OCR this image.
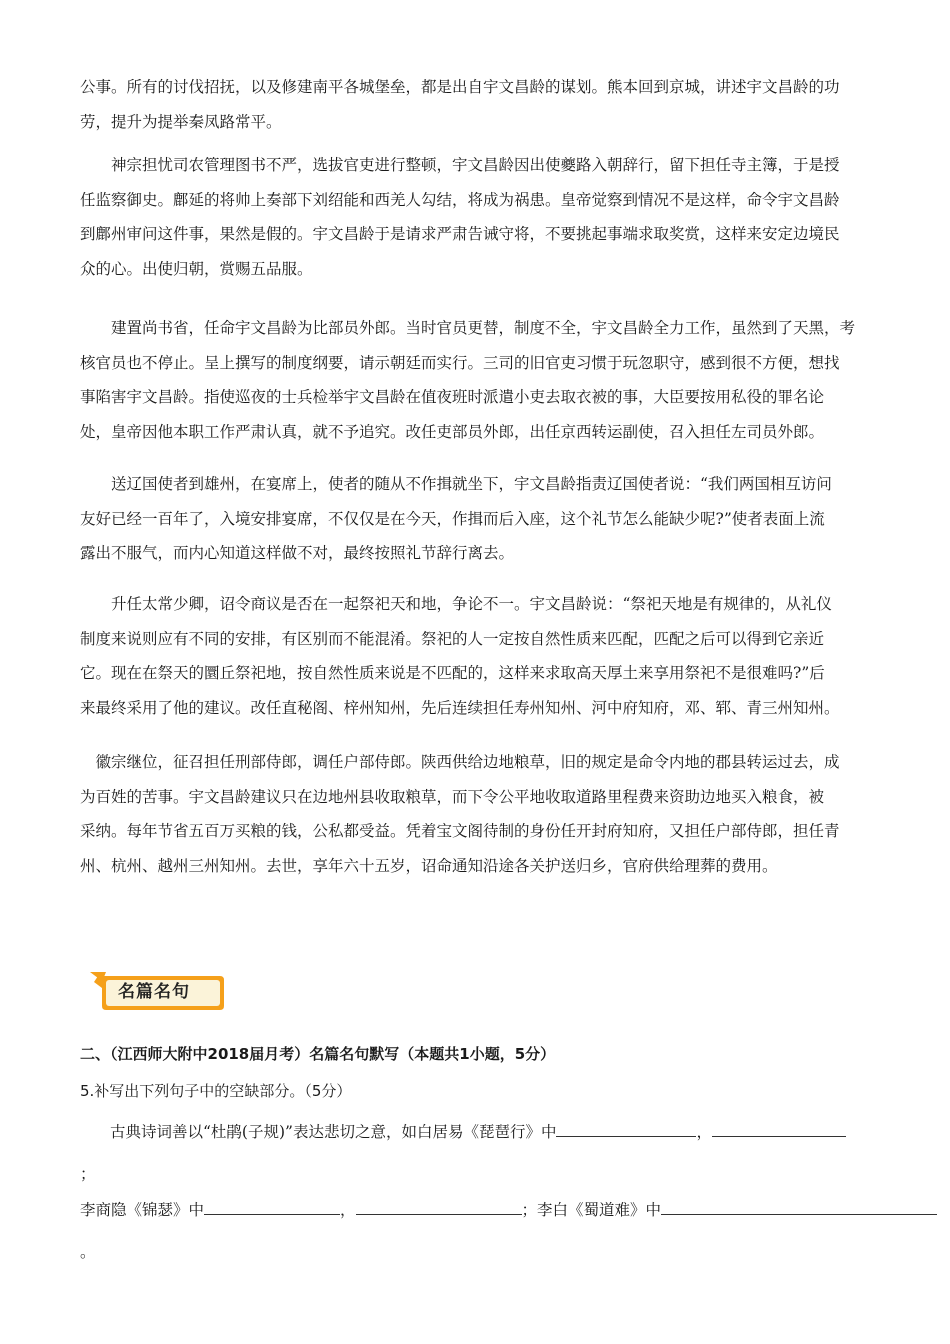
公事。所有的讨伐招抚，以及修建南平各城堡垒，都是出自宇文昌龄的谋划。熊本回到京城，讲述宇文昌龄的功
劳，提升为提举秦凤路常平。
　　神宗担忧司农管理图书不严，选拔官吏进行整顿，宇文昌龄因出使夔路入朝辞行，留下担任寺主簿，于是授
任监察御史。鄜延的将帅上奏部下刘绍能和西羌人勾结，将成为祸患。皇帝觉察到情况不是这样，命令宇文昌龄
到鄜州审问这件事，果然是假的。宇文昌龄于是请求严肃告诫守将，不要挑起事端求取奖赏，这样来安定边境民
众的心。出使归朝，赏赐五品服。
　　建置尚书省，任命宇文昌龄为比部员外郎。当时官员更替，制度不全，宇文昌龄全力工作，虽然到了天黑，考
核官员也不停止。呈上撰写的制度纲要，请示朝廷而实行。三司的旧官吏习惯于玩忽职守，感到很不方便，想找
事陷害宇文昌龄。指使巡夜的士兵检举宇文昌龄在值夜班时派遣小吏去取衣被的事，大臣要按用私役的罪名论
处，皇帝因他本职工作严肃认真，就不予追究。改任吏部员外郎，出任京西转运副使，召入担任左司员外郎。
　　送辽国使者到雄州，在宴席上，使者的随从不作揖就坐下，宇文昌龄指责辽国使者说：“我们两国相互访问
友好已经一百年了，入境安排宴席，不仅仅是在今天，作揖而后入座，这个礼节怎么能缺少呢?”使者表面上流
露出不服气，而内心知道这样做不对，最终按照礼节辞行离去。
　　升任太常少卿，诏令商议是否在一起祭祀天和地，争论不一。宇文昌龄说：“祭祀天地是有规律的，从礼仪
制度来说则应有不同的安排，有区别而不能混淆。祭祀的人一定按自然性质来匹配，匹配之后可以得到它亲近
它。现在在祭天的圜丘祭祀地，按自然性质来说是不匹配的，这样来求取高天厚土来享用祭祀不是很难吗?”后
来最终采用了他的建议。改任直秘阁、梓州知州，先后连续担任寿州知州、河中府知府，邓、郓、青三州知州。
　徽宗继位，征召担任刑部侍郎，调任户部侍郎。陕西供给边地粮草，旧的规定是命令内地的郡县转运过去，成
为百姓的苦事。宇文昌龄建议只在边地州县收取粮草，而下令公平地收取道路里程费来资助边地买入粮食，被
采纳。每年节省五百万买粮的钱，公私都受益。凭着宝文阁待制的身份任开封府知府，又担任户部侍郎，担任青
州、杭州、越州三州知州。去世，享年六十五岁，诏命通知沿途各关护送归乡，官府供给理葬的费用。
名篇名句
二、（江西师大附中2018届月考）名篇名句默写（本题共1小题，5分）
5.补写出下列句子中的空缺部分。（5分）
古典诗词善以“杜鹃(子规)”表达悲切之意，如白居易《琵琶行》中	，
；
李商隐《锦瑟》中	，	；李白《蜀道难》中
。
